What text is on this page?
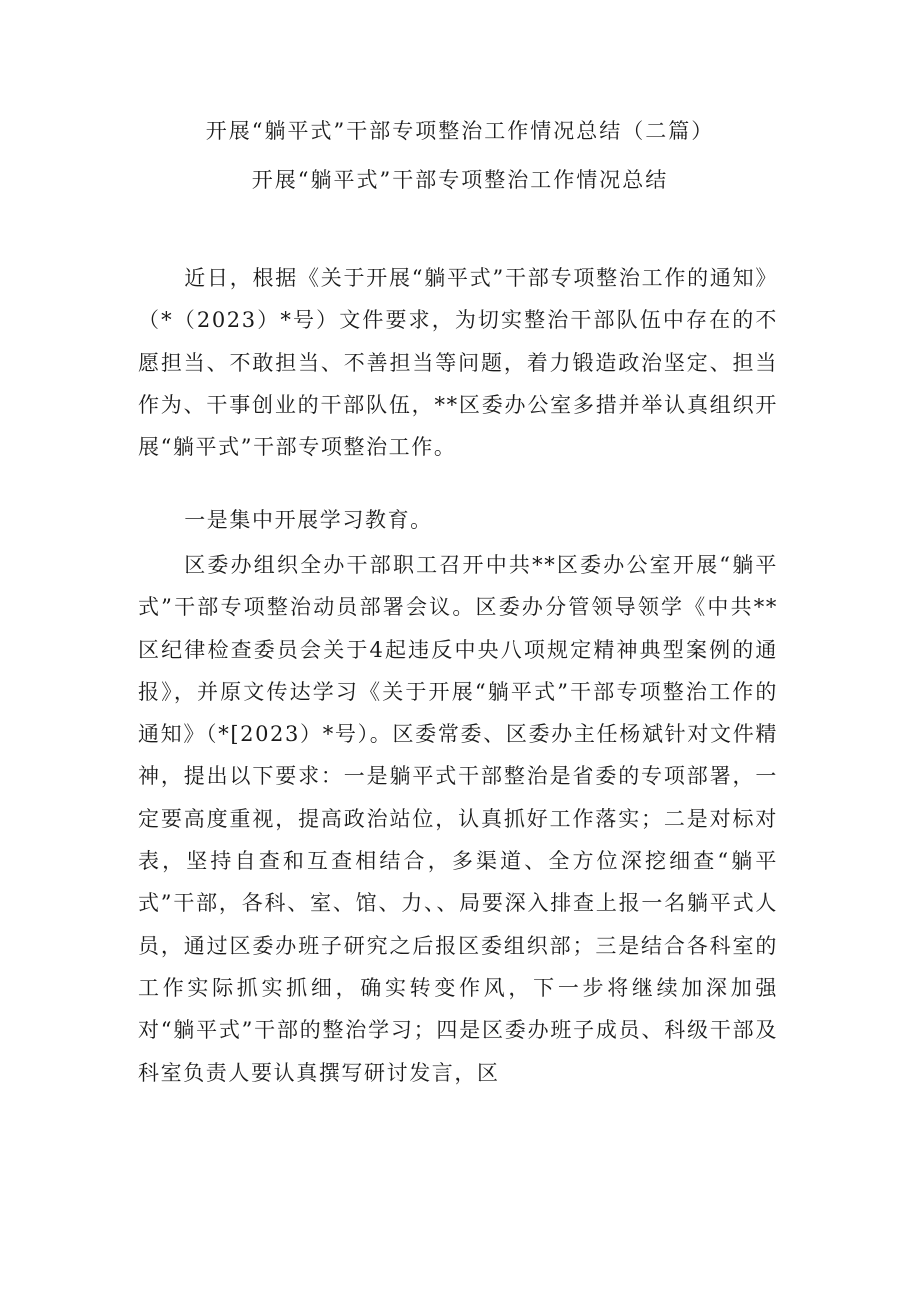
开展“躺平式”干部专项整治工作情况总结（二篇）
开展“躺平式”干部专项整治工作情况总结

近日，根据《关于开展“躺平式”干部专项整治工作的通知》（*（2023）*号）文件要求，为切实整治干部队伍中存在的不愿担当、不敢担当、不善担当等问题，着力锻造政治坚定、担当作为、干事创业的干部队伍，**区委办公室多措并举认真组织开展“躺平式”干部专项整治工作。

一是集中开展学习教育。

区委办组织全办干部职工召开中共**区委办公室开展“躺平式”干部专项整治动员部署会议。区委办分管领导领学《中共**区纪律检查委员会关于4起违反中央八项规定精神典型案例的通报》，并原文传达学习《关于开展“躺平式”干部专项整治工作的通知》（*[2023）*号）。区委常委、区委办主任杨斌针对文件精神，提出以下要求：一是躺平式干部整治是省委的专项部署，一定要高度重视，提高政治站位，认真抓好工作落实；二是对标对表，坚持自查和互查相结合，多渠道、全方位深挖细查“躺平式”干部，各科、室、馆、力、、局要深入排查上报一名躺平式人员，通过区委办班子研究之后报区委组织部；三是结合各科室的工作实际抓实抓细，确实转变作风，下一步将继续加深加强对“躺平式”干部的整治学习；四是区委办班子成员、科级干部及科室负责人要认真撰写研讨发言，区
